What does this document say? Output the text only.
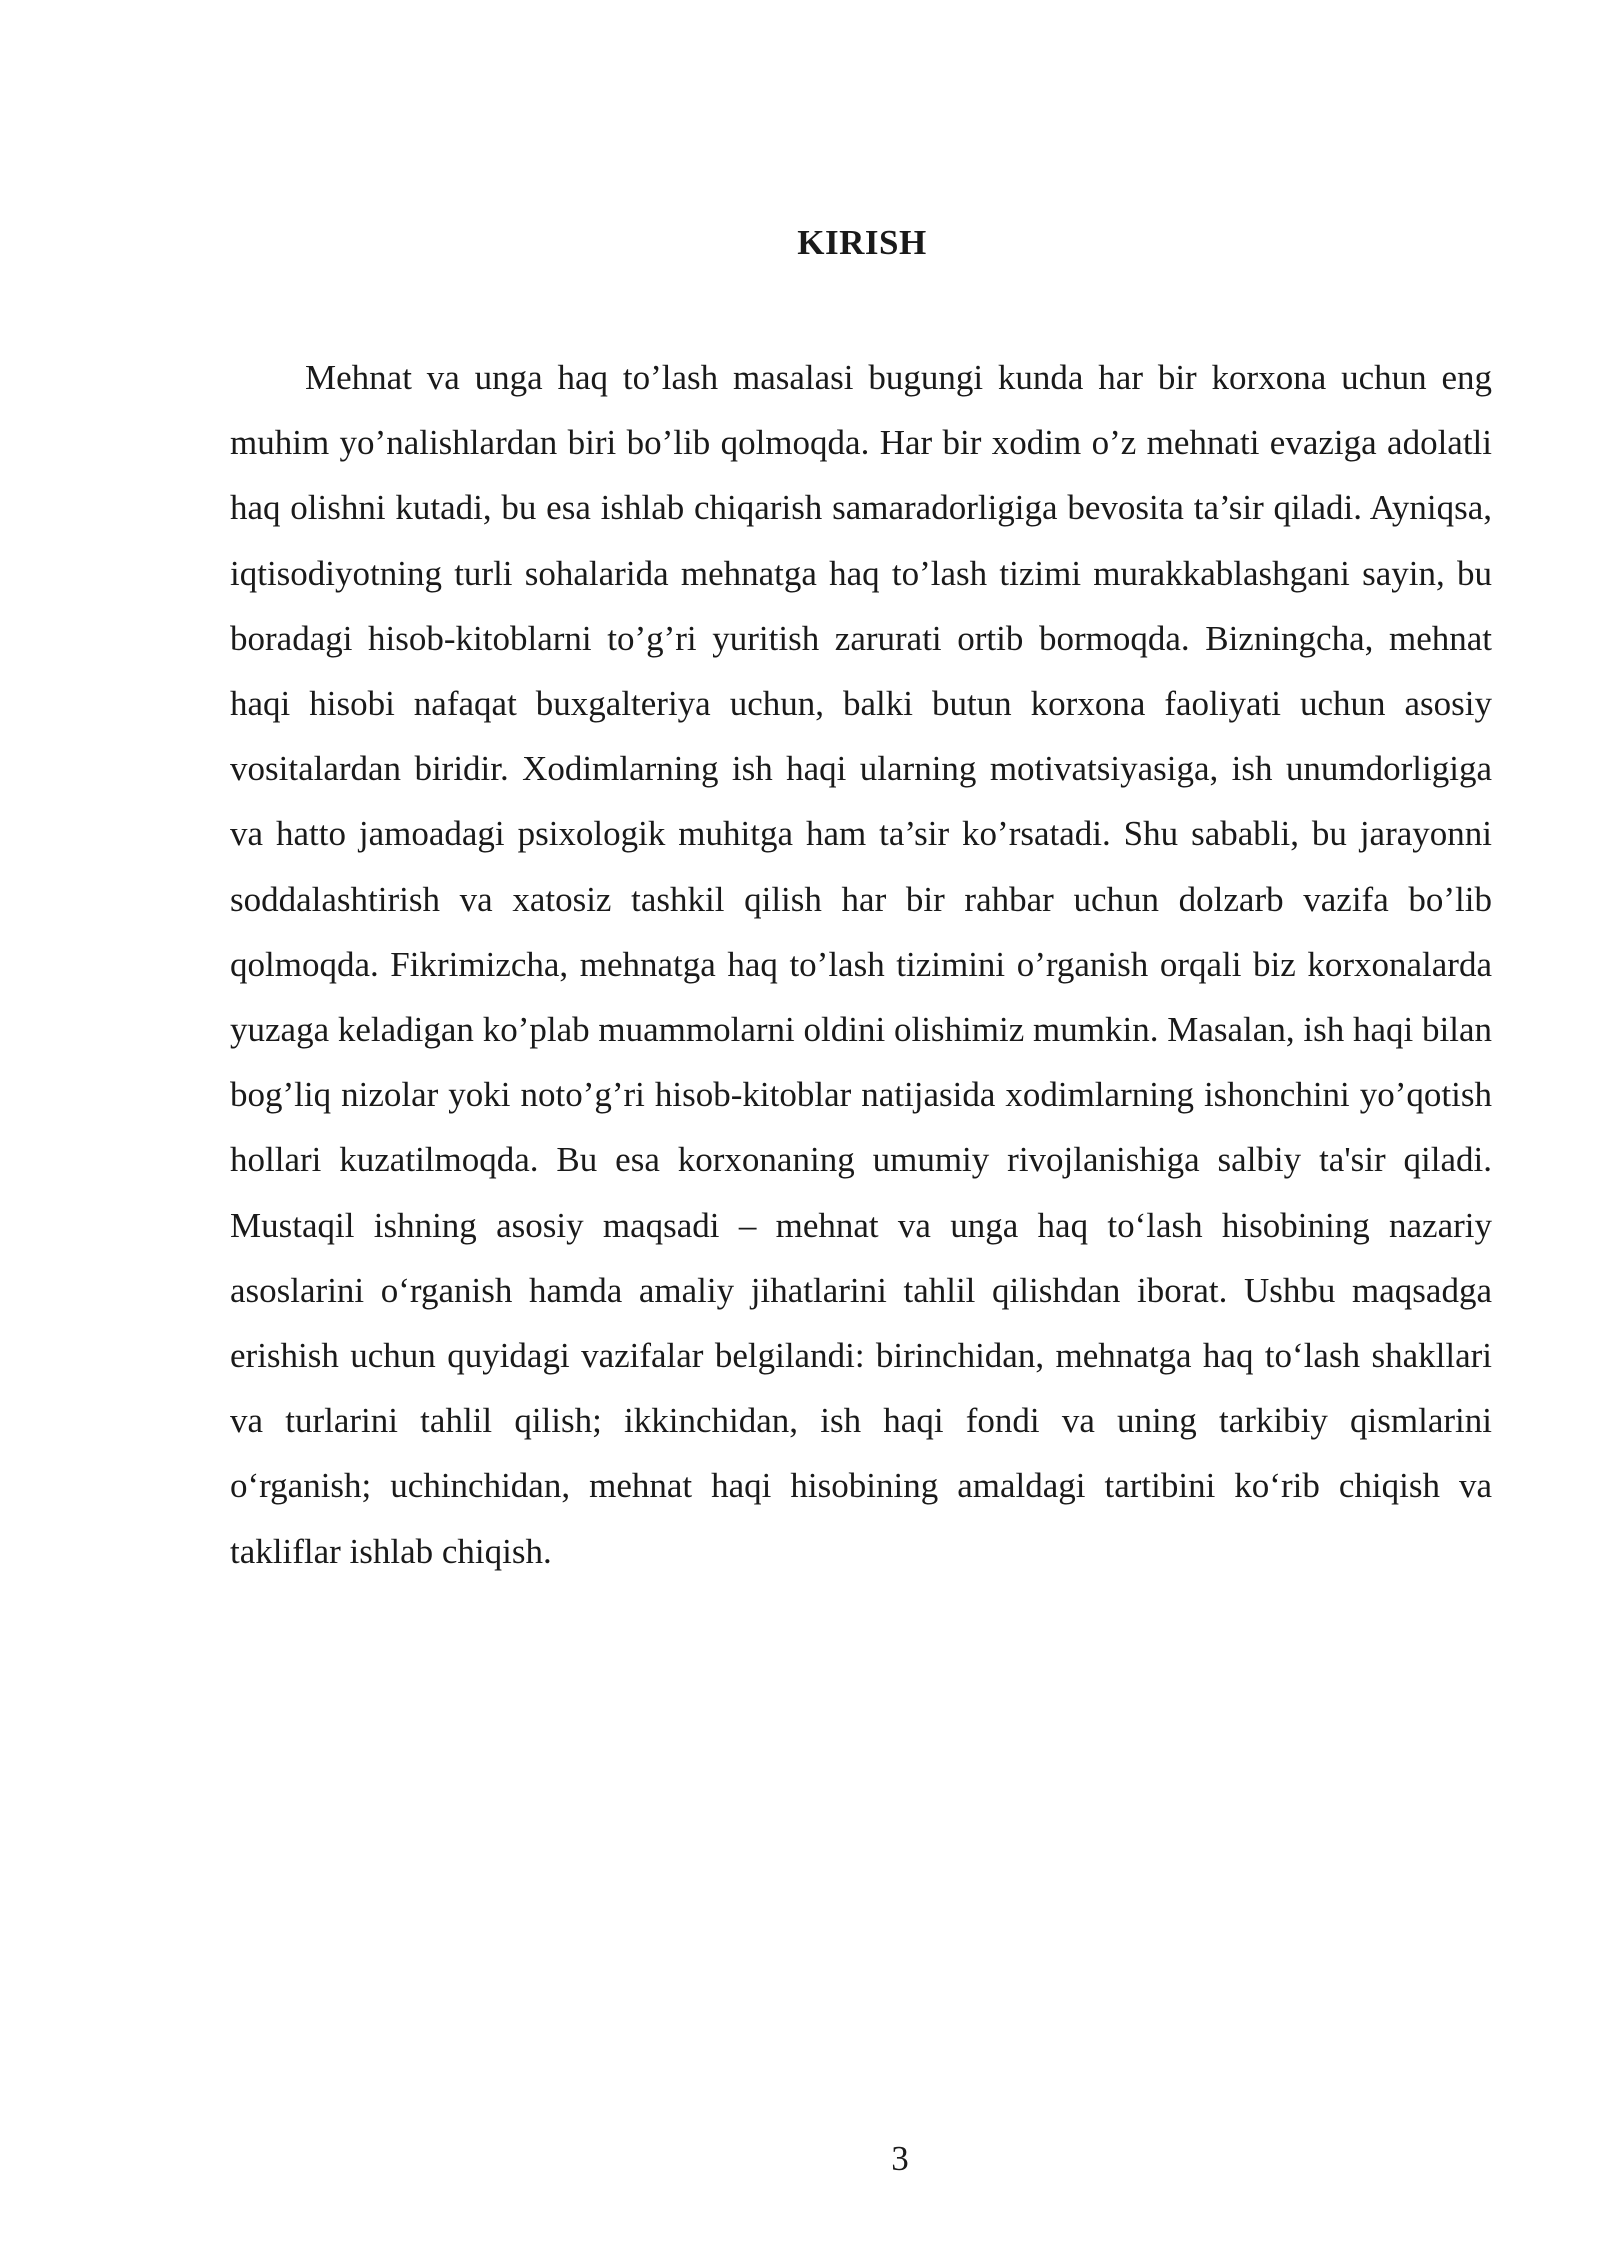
KIRISH

Mehnat va unga haq to’lash masalasi bugungi kunda har bir korxona uchun eng muhim yo’nalishlardan biri bo’lib qolmoqda. Har bir xodim o’z mehnati evaziga adolatli haq olishni kutadi, bu esa ishlab chiqarish samaradorligiga bevosita ta’sir qiladi. Ayniqsa, iqtisodiyotning turli sohalarida mehnatga haq to’lash tizimi murakkablashgani sayin, bu boradagi hisob-kitoblarni to’g’ri yuritish zarurati ortib bormoqda. Bizningcha, mehnat haqi hisobi nafaqat buxgalteriya uchun, balki butun korxona faoliyati uchun asosiy vositalardan biridir. Xodimlarning ish haqi ularning motivatsiyasiga, ish unumdorligiga va hatto jamoadagi psixologik muhitga ham ta’sir ko’rsatadi. Shu sababli, bu jarayonni soddalashtirish va xatosiz tashkil qilish har bir rahbar uchun dolzarb vazifa bo’lib qolmoqda. Fikrimizcha, mehnatga haq to’lash tizimini o’rganish orqali biz korxonalarda yuzaga keladigan ko’plab muammolarni oldini olishimiz mumkin. Masalan, ish haqi bilan bog’liq nizolar yoki noto’g’ri hisob-kitoblar natijasida xodimlarning ishonchini yo’qotish hollari kuzatilmoqda. Bu esa korxonaning umumiy rivojlanishiga salbiy ta'sir qiladi. Mustaqil ishning asosiy maqsadi – mehnat va unga haq to‘lash hisobining nazariy asoslarini o‘rganish hamda amaliy jihatlarini tahlil qilishdan iborat. Ushbu maqsadga erishish uchun quyidagi vazifalar belgilandi: birinchidan, mehnatga haq to‘lash shakllari va turlarini tahlil qilish; ikkinchidan, ish haqi fondi va uning tarkibiy qismlarini o‘rganish; uchinchidan, mehnat haqi hisobining amaldagi tartibini ko‘rib chiqish va takliflar ishlab chiqish.

3
